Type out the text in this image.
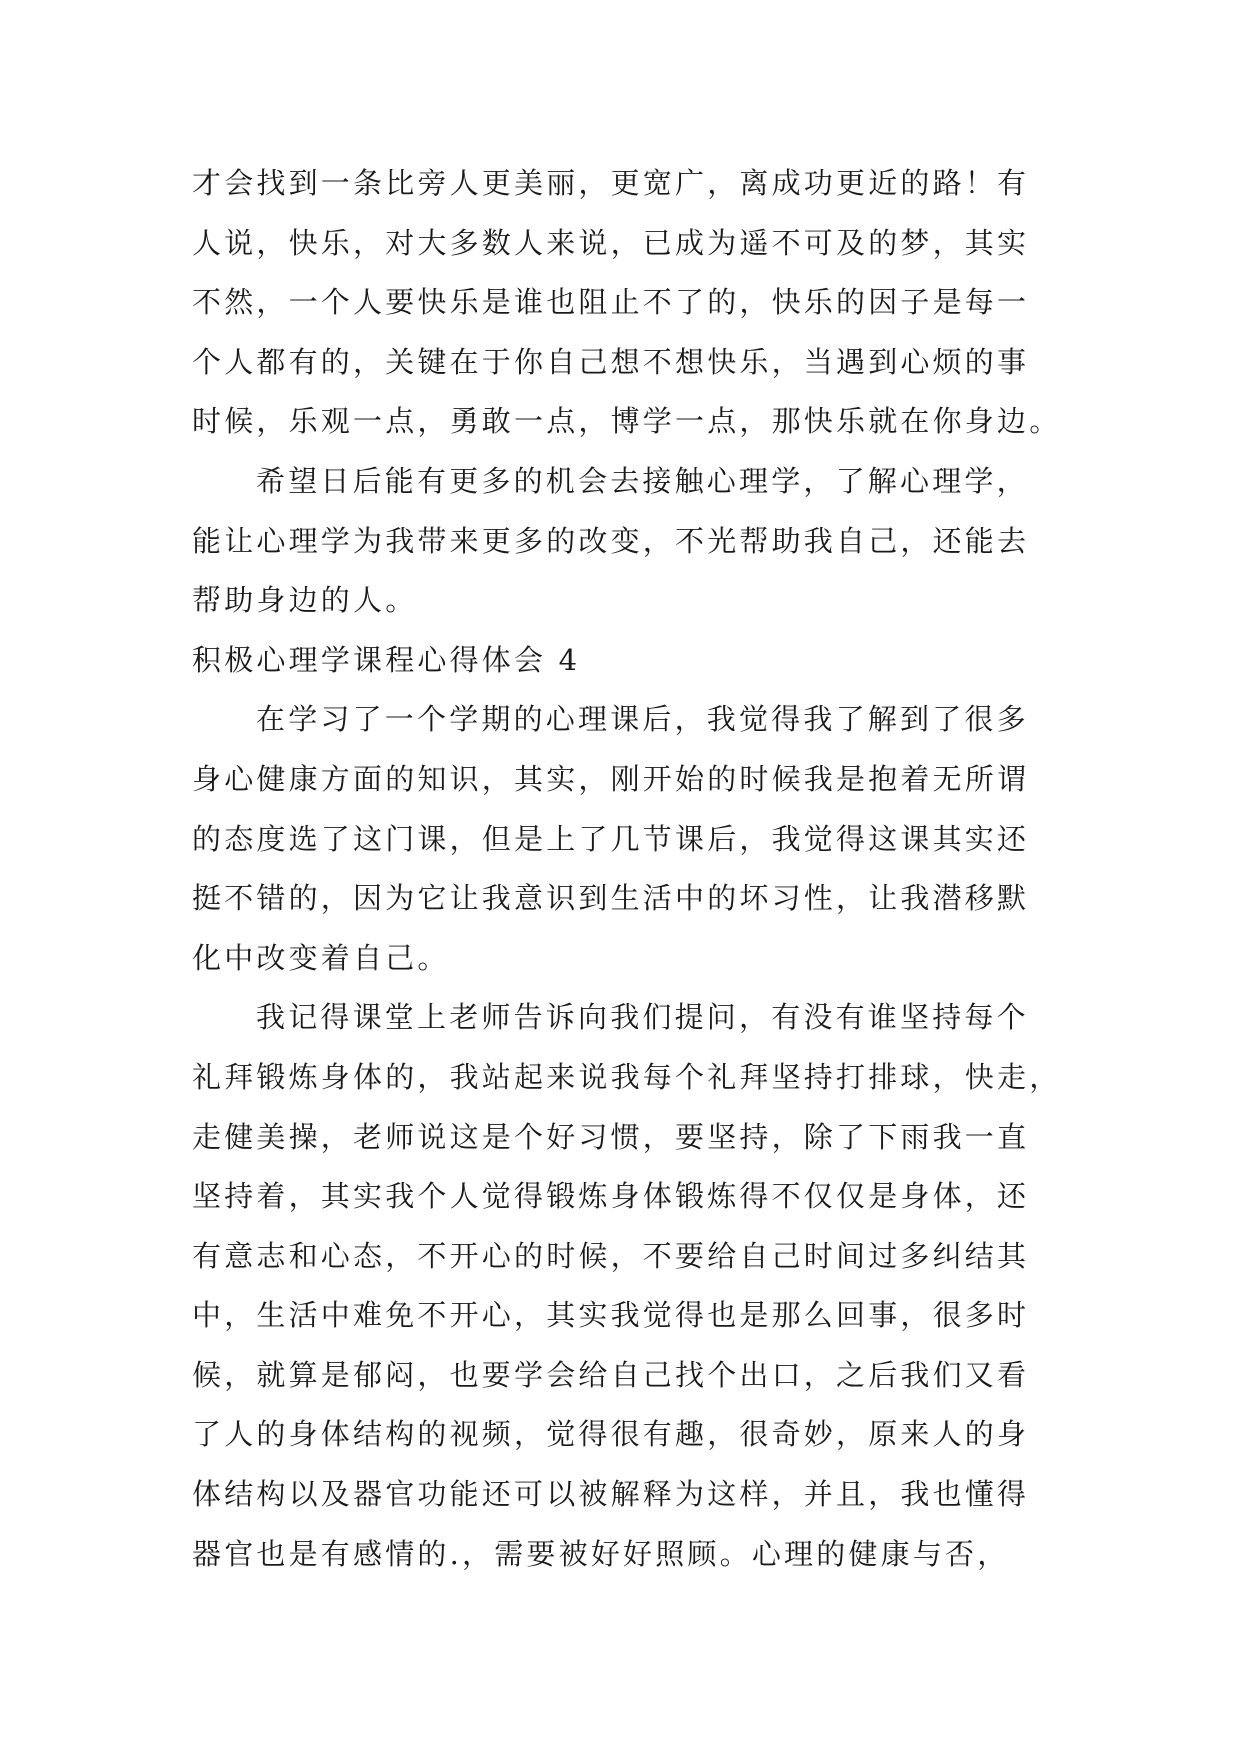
才会找到一条比旁人更美丽，更宽广，离成功更近的路！有
人说，快乐，对大多数人来说，已成为遥不可及的梦，其实
不然，一个人要快乐是谁也阻止不了的，快乐的因子是每一
个人都有的，关键在于你自己想不想快乐，当遇到心烦的事
时候，乐观一点，勇敢一点，博学一点，那快乐就在你身边。
希望日后能有更多的机会去接触心理学，了解心理学，
能让心理学为我带来更多的改变，不光帮助我自己，还能去
帮助身边的人。
积极心理学课程心得体会 4
在学习了一个学期的心理课后，我觉得我了解到了很多
身心健康方面的知识，其实，刚开始的时候我是抱着无所谓
的态度选了这门课，但是上了几节课后，我觉得这课其实还
挺不错的，因为它让我意识到生活中的坏习性，让我潜移默
化中改变着自己。
我记得课堂上老师告诉向我们提问，有没有谁坚持每个
礼拜锻炼身体的，我站起来说我每个礼拜坚持打排球，快走，
走健美操，老师说这是个好习惯，要坚持，除了下雨我一直
坚持着，其实我个人觉得锻炼身体锻炼得不仅仅是身体，还
有意志和心态，不开心的时候，不要给自己时间过多纠结其
中，生活中难免不开心，其实我觉得也是那么回事，很多时
候，就算是郁闷，也要学会给自己找个出口，之后我们又看
了人的身体结构的视频，觉得很有趣，很奇妙，原来人的身
体结构以及器官功能还可以被解释为这样，并且，我也懂得
器官也是有感情的.，需要被好好照顾。心理的健康与否，
